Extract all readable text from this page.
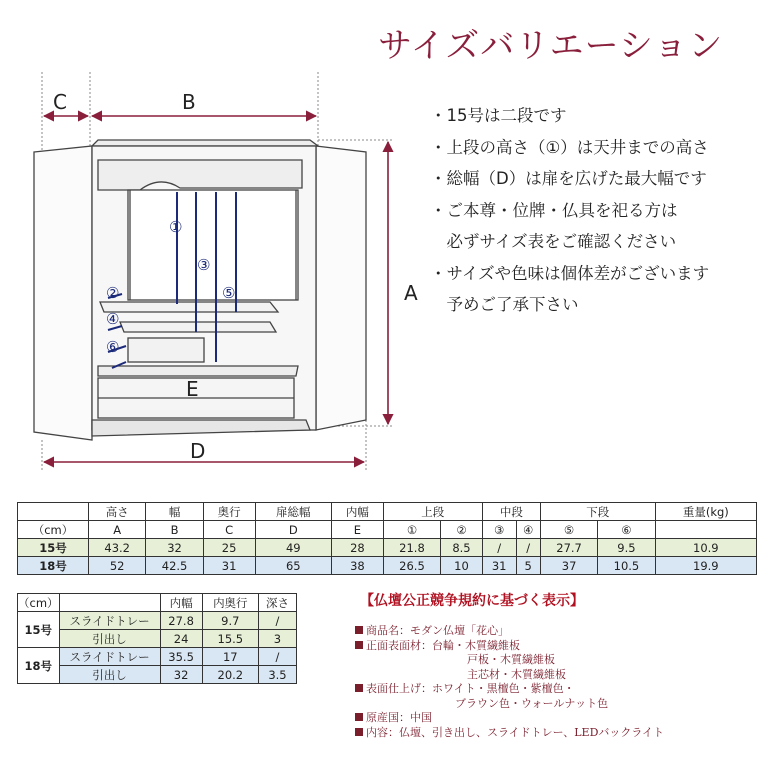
サイズバリエーション
C	B
A
D
E
①
②
③
④
⑤
⑥
・15号は二段です
・上段の高さ（①）は天井までの高さ
・総幅（D）は扉を広げた最大幅です
・ご本尊・位牌・仏具を祀る方は
　必ずサイズ表をご確認ください
・サイズや色味は個体差がございます
　予めご了承下さい
	高さ	幅	奥行	扉総幅	内幅	上段		中段		下段		重量(kg)
（cm）	A	B	C	D	E	①	②	③	④	⑤	⑥	
15号	43.2	32	25	49	28	21.8	8.5	/	/	27.7	9.5	10.9
18号	52	42.5	31	65	38	26.5	10	31	5	37	10.5	19.9
（cm）		内幅	内奥行	深さ
15号	スライドトレー	27.8	9.7	/
	引出し	24	15.5	3
18号	スライドトレー	35.5	17	/
	引出し	32	20.2	3.5
【仏壇公正競争規約に基づく表示】
商品名：モダン仏壇「花心」
正面表面材：台輪・木質繊維板
戸板・木質繊維板
主芯材・木質繊維板
表面仕上げ：ホワイト・黒檀色・紫檀色・
ブラウン色・ウォールナット色
原産国：中国
内容：仏壇、引き出し、スライドトレー、LEDバックライト
